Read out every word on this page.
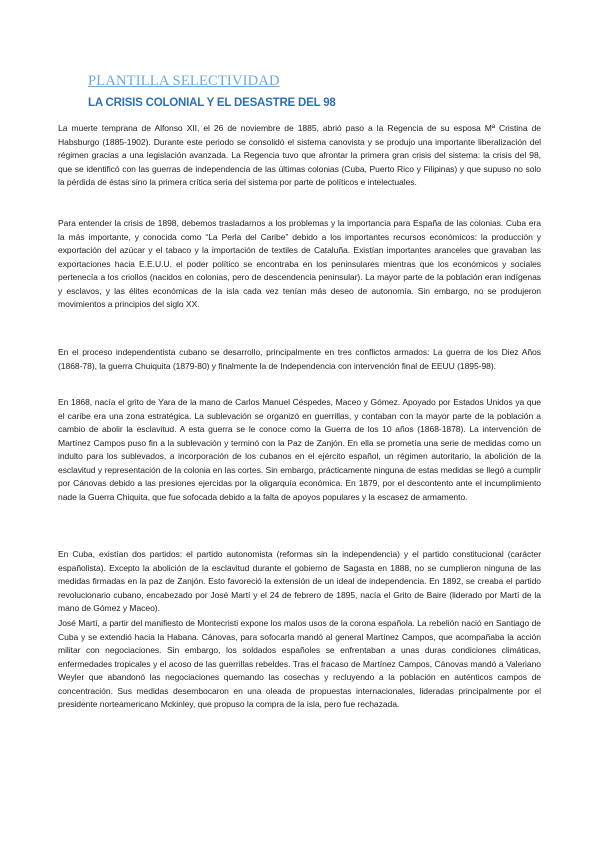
PLANTILLA SELECTIVIDAD
LA CRISIS COLONIAL Y EL DESASTRE DEL 98

La muerte temprana de Alfonso XII, el 26 de noviembre de 1885, abrió paso a la Regencia de su esposa Mª Cristina de Habsburgo (1885-1902). Durante este periodo se consolidó el sistema canovista y se produjo una importante liberalización del régimen gracias a una legislación avanzada. La Regencia tuvo que afrontar la primera gran crisis del sistema: la crisis del 98, que se identificó con las guerras de independencia de las últimas colonias (Cuba, Puerto Rico y Filipinas) y que supuso no solo la pérdida de éstas sino la primera crítica seria del sistema por parte de políticos e intelectuales.

Para entender la crisis de 1898, debemos trasladarnos a los problemas y la importancia para España de las colonias. Cuba era la más importante, y conocida como “La Perla del Caribe” debido a los importantes recursos económicos: la producción y exportación del azúcar y el tabaco y la importación de textiles de Cataluña. Existían importantes aranceles que gravaban las exportaciones hacia E.E.U.U. el poder político se encontraba en los peninsulares mientras que los económicos y sociales pertenecía a los criollos (nacidos en colonias, pero de descendencia peninsular). La mayor parte de la población eran indígenas y esclavos, y las élites económicas de la isla cada vez tenían más deseo de autonomía. Sin embargo, no se produjeron movimientos a principios del siglo XX.

En el proceso independentista cubano se desarrollo, principalmente en tres conflictos armados: La guerra de los Diez Años (1868-78), la guerra Chuiquita (1879-80) y finalmente la de Independencia con intervención final de EEUU (1895-98).

En 1868, nacía el grito de Yara de la mano de Carlos Manuel Céspedes, Maceo y Gómez. Apoyado por Estados Unidos ya que el caribe era una zona estratégica. La sublevación se organizó en guerrillas, y contaban con la mayor parte de la población a cambio de abolir la esclavitud. A esta guerra se le conoce como la Guerra de los 10 años (1868-1878). La intervención de Martínez Campos puso fin a la sublevación y terminó con la Paz de Zanjón. En ella se prometía una serie de medidas como un indulto para los sublevados, a incorporación de los cubanos en el ejército español, un régimen autoritario, la abolición de la esclavitud y representación de la colonia en las cortes. Sin embargo, prácticamente ninguna de estas medidas se llegó a cumplir por Cánovas debido a las presiones ejercidas por la oligarquía económica. En 1879, por el descontento ante el incumplimiento nade la Guerra Chiquita, que fue sofocada debido a la falta de apoyos populares y la escasez de armamento.

En Cuba, existían dos partidos: el partido autonomista (reformas sin la independencia) y el partido constitucional (carácter españolista). Excepto la abolición de la esclavitud durante el gobierno de Sagasta en 1888, no se cumplieron ninguna de las medidas firmadas en la paz de Zanjón. Esto favoreció la extensión de un ideal de independencia. En 1892, se creaba el partido revolucionario cubano, encabezado por José Martí y el 24 de febrero de 1895, nacía el Grito de Baire (liderado por Martí de la mano de Gómez y Maceo).

José Martí, a partir del manifiesto de Montecristi expone los malos usos de la corona española. La rebelión nació en Santiago de Cuba y se extendió hacia la Habana. Cánovas, para sofocarla mandó al general Martínez Campos, que acompañaba la acción militar con negociaciones. Sin embargo, los soldados españoles se enfrentaban a unas duras condiciones climáticas, enfermedades tropicales y el acoso de las guerrillas rebeldes. Tras el fracaso de Martínez Campos, Cánovas mandó a Valeriano Weyler que abandonó las negociaciones quemando las cosechas y recluyendo a la población en auténticos campos de concentración. Sus medidas desembocaron en una oleada de propuestas internacionales, lideradas principalmente por el presidente norteamericano Mckinley, que propuso la compra de la isla, pero fue rechazada.
